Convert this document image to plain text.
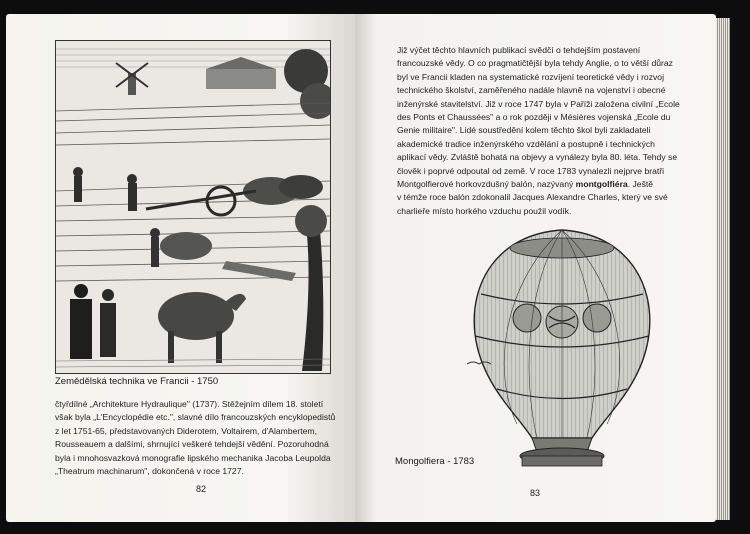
Zemědělská technika ve Francii - 1750
čtyřdílné „Architekture Hydraulique" (1737). Stěžejním dílem 18. století
však byla „L'Encyclopédie etc.", slavné dílo francouzských encyklopedistů
z let 1751-65, představovaných Diderotem, Voltairem, d'Alambertem,
Rousseauem a dalšími, shrnující veškeré tehdejší vědění. Pozoruhodná
byla i mnohosvazková monografie lipského mechanika Jacoba Leupolda
„Theatrum machinarum", dokončená v roce 1727.
82
Již výčet těchto hlavních publikací svědčí o tehdejším postavení
francouzské vědy. O co pragmatičtější byla tehdy Anglie, o to větší důraz
byl ve Francii kladen na systematické rozvíjení teoretické vědy i rozvoj
technického školství, zaměřeného nadále hlavně na vojenství i obecné
inženýrské stavitelství. Již v roce 1747 byla v Paříži založena civilní „Ecole
des Ponts et Chaussées" a o rok později v Mésières vojenská „Ecole du
Genie militaire". Lidé soustředění kolem těchto škol byli zakladateli
akademické tradice inženýrského vzdělání a postupně i technických
aplikací vědy. Zvláště bohatá na objevy a vynálezy byla 80. léta. Tehdy se
člověk i poprvé odpoutal od země. V roce 1783 vynalezli nejprve bratři
Montgolfierové horkovzdušný balón, nazývaný montgolfiéra. Ještě
v témže roce balón zdokonalil Jacques Alexandre Charles, který ve své
charlieře místo horkého vzduchu použil vodík.
Mongolfiera - 1783
83
